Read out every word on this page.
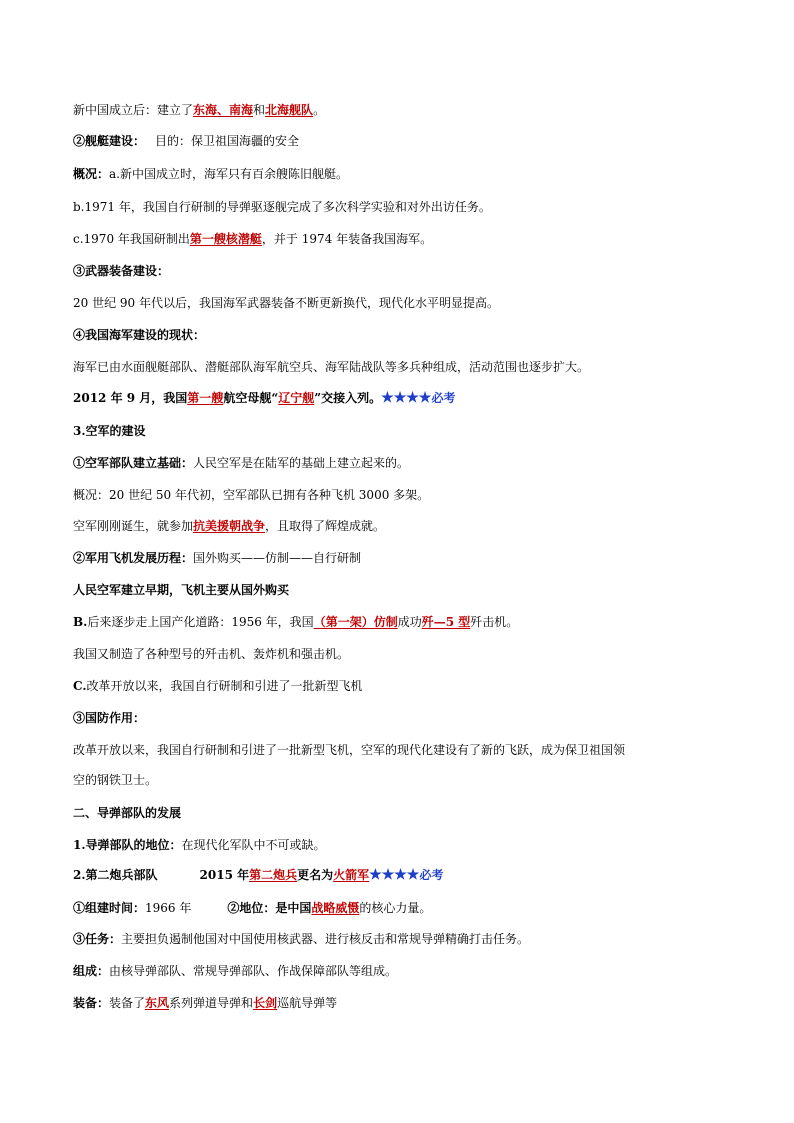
新中国成立后：建立了东海、南海和北海舰队。
②舰艇建设： 目的：保卫祖国海疆的安全
概况：a.新中国成立时，海军只有百余艘陈旧舰艇。
b.1971 年，我国自行研制的导弹驱逐舰完成了多次科学实验和对外出访任务。
c.1970 年我国研制出第一艘核潜艇，并于 1974 年装备我国海军。
③武器装备建设：
20 世纪 90 年代以后，我国海军武器装备不断更新换代，现代化水平明显提高。
④我国海军建设的现状：
海军已由水面舰艇部队、潜艇部队海军航空兵、海军陆战队等多兵种组成，活动范围也逐步扩大。
2012 年 9 月，我国第一艘航空母舰“辽宁舰”交接入列。★★★★必考
3.空军的建设
①空军部队建立基础：人民空军是在陆军的基础上建立起来的。
概况：20 世纪 50 年代初，空军部队已拥有各种飞机 3000 多架。
空军刚刚诞生，就参加抗美援朝战争，且取得了辉煌成就。
②军用飞机发展历程：国外购买——仿制——自行研制
人民空军建立早期，飞机主要从国外购买
B.后来逐步走上国产化道路：1956 年，我国（第一架）仿制成功歼—5 型歼击机。
我国又制造了各种型号的歼击机、轰炸机和强击机。
C.改革开放以来，我国自行研制和引进了一批新型飞机
③国防作用：
改革开放以来，我国自行研制和引进了一批新型飞机，空军的现代化建设有了新的飞跃，成为保卫祖国领
空的钢铁卫士。
二、导弹部队的发展
1.导弹部队的地位：在现代化军队中不可或缺。
2.第二炮兵部队	2015 年第二炮兵更名为火箭军★★★★必考
①组建时间：1966 年	②地位：是中国战略威慑的核心力量。
③任务：主要担负遏制他国对中国使用核武器、进行核反击和常规导弹精确打击任务。
组成：由核导弹部队、常规导弹部队、作战保障部队等组成。
装备：装备了东风系列弹道导弹和长剑巡航导弹等
